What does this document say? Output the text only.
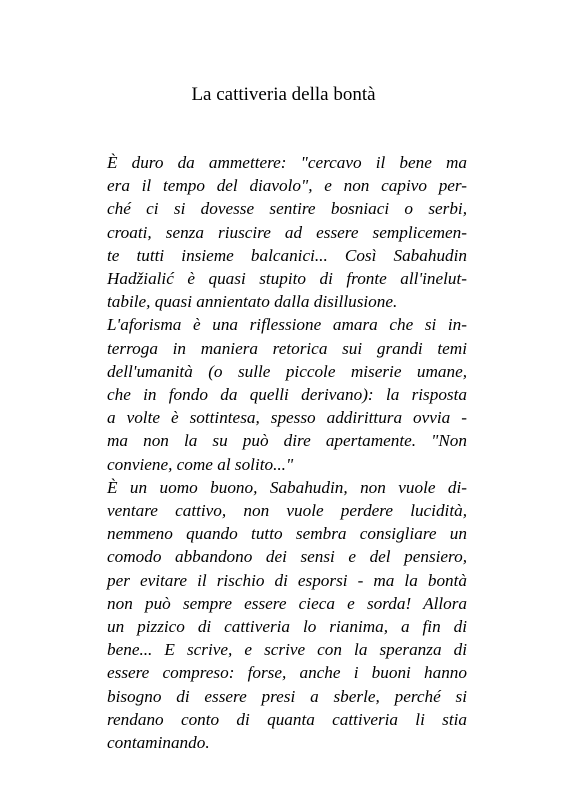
La cattiveria della bontà
È duro da ammettere: "cercavo il bene ma
era il tempo del diavolo", e non capivo per-
ché ci si dovesse sentire bosniaci o serbi,
croati, senza riuscire ad essere semplicemen-
te tutti insieme balcanici... Così Sabahudin
Hadžialić è quasi stupito di fronte all'inelut-
tabile, quasi annientato dalla disillusione.
L'aforisma è una riflessione amara che si in-
terroga in maniera retorica sui grandi temi
dell'umanità (o sulle piccole miserie umane,
che in fondo da quelli derivano): la risposta
a volte è sottintesa, spesso addirittura ovvia -
ma non la su può dire apertamente. "Non
conviene, come al solito..."
È un uomo buono, Sabahudin, non vuole di-
ventare cattivo, non vuole perdere lucidità,
nemmeno quando tutto sembra consigliare un
comodo abbandono dei sensi e del pensiero,
per evitare il rischio di esporsi - ma la bontà
non può sempre essere cieca e sorda! Allora
un pizzico di cattiveria lo rianima, a fin di
bene... E scrive, e scrive con la speranza di
essere compreso: forse, anche i buoni hanno
bisogno di essere presi a sberle, perché si
rendano conto di quanta cattiveria li stia
contaminando.
